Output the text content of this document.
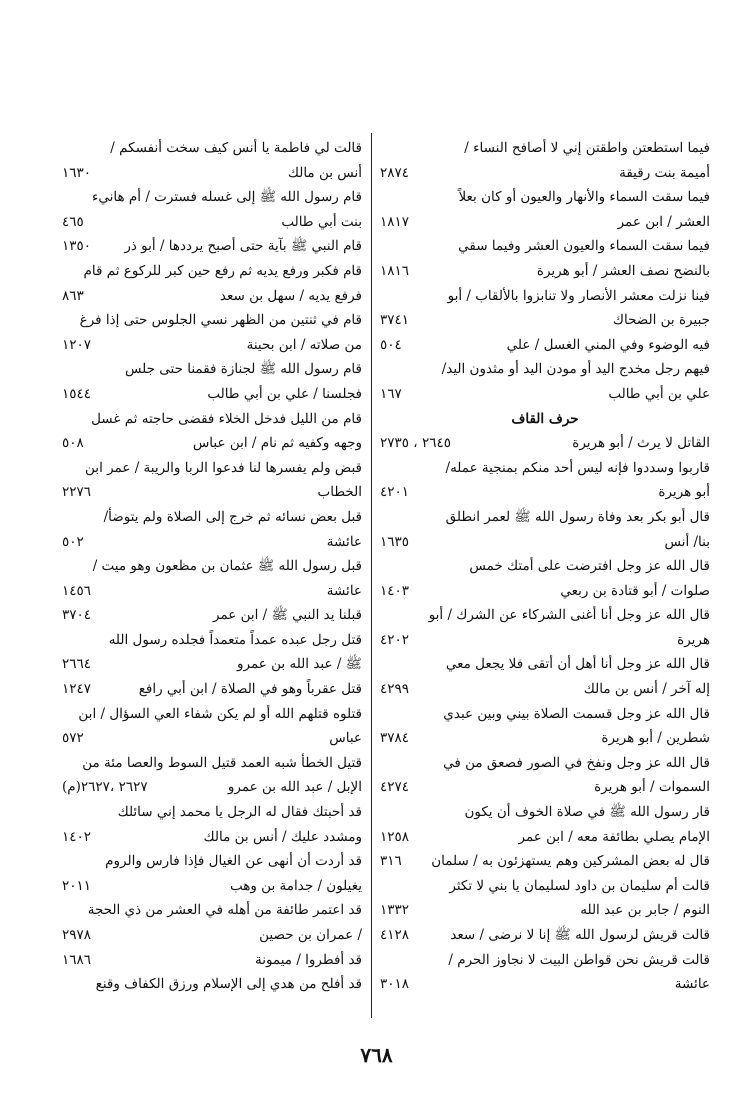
فيما استطعتن واطقتن إني لا أصافح النساء /
أميمة بنت رقيقة
٢٨٧٤
فيما سقت السماء والأنهار والعيون أو كان بعلاً
العشر / ابن عمر
١٨١٧
فيما سقت السماء والعيون العشر وفيما سقي
بالنضح نصف العشر / أبو هريرة
١٨١٦
فينا نزلت معشر الأنصار ولا تنابزوا بالألقاب / أبو
جبيرة بن الضحاك
٣٧٤١
فيه الوضوء وفي المني الغسل / علي
٥٠٤
فيهم رجل مخدج اليد أو مودن اليد أو مثدون اليد/
علي بن أبي طالب
١٦٧
حرف القاف
القاتل لا يرث / أبو هريرة
٢٦٤٥ ، ٢٧٣٥
قاربوا وسددوا فإنه ليس أحد منكم بمنجية عمله/
أبو هريرة
٤٢٠١
قال أبو بكر بعد وفاة رسول الله ﷺ لعمر انطلق
بنا/ أنس
١٦٣٥
قال الله عز وجل افترضت على أمتك خمس
صلوات / أبو قتادة بن ربعي
١٤٠٣
قال الله عز وجل أنا أغنى الشركاء عن الشرك / أبو
هريرة
٤٢٠٢
قال الله عز وجل أنا أهل أن أتقى فلا يجعل معي
إله آخر / أنس بن مالك
٤٢٩٩
قال الله عز وجل قسمت الصلاة بيني وبين عبدي
شطرين / أبو هريرة
٣٧٨٤
قال الله عز وجل ونفخ في الصور فصعق من في
السموات / أبو هريرة
٤٢٧٤
قار رسول الله ﷺ في صلاة الخوف أن يكون
الإمام يصلي بطائفة معه / ابن عمر
١٢٥٨
قال له بعض المشركين وهم يستهزئون به / سلمان
٣١٦
قالت أم سليمان بن داود لسليمان يا بني لا تكثر
النوم / جابر بن عبد الله
١٣٣٢
قالت قريش لرسول الله ﷺ إنا لا نرضى / سعد
٤١٢٨
قالت قريش نحن قواطن البيت لا نجاوز الحرم /
عائشة
٣٠١٨
قالت لي فاطمة يا أنس كيف سخت أنفسكم /
أنس بن مالك
١٦٣٠
قام رسول الله ﷺ إلى غسله فسترت / أم هانيء
بنت أبي طالب
٤٦٥
قام النبي ﷺ بآية حتى أصبح يرددها / أبو ذر
١٣٥٠
قام فكبر ورفع يديه ثم رفع حين كبر للركوع ثم قام
فرفع يديه / سهل بن سعد
٨٦٣
قام في ثنتين من الظهر نسي الجلوس حتى إذا فرغ
من صلاته / ابن بحينة
١٢٠٧
قام رسول الله ﷺ لجنازة فقمنا حتى جلس
فجلسنا / علي بن أبي طالب
١٥٤٤
قام من الليل فدخل الخلاء فقضى حاجته ثم غسل
وجهه وكفيه ثم نام / ابن عباس
٥٠٨
قبض ولم يفسرها لنا فدعوا الربا والريبة / عمر ابن
الخطاب
٢٢٧٦
قبل بعض نسائه ثم خرج إلى الصلاة ولم يتوضأ/
عائشة
٥٠٢
قبل رسول الله ﷺ عثمان بن مظعون وهو ميت /
عائشة
١٤٥٦
قبلنا يد النبي ﷺ / ابن عمر
٣٧٠٤
قتل رجل عبده عمداً متعمداً فجلده رسول الله
ﷺ / عبد الله بن عمرو
٢٦٦٤
قتل عقرباً وهو في الصلاة / ابن أبي رافع
١٢٤٧
قتلوه قتلهم الله أو لم يكن شفاء العي السؤال / ابن
عباس
٥٧٢
قتيل الخطأ شبه العمد قتيل السوط والعصا مئة من
الإبل / عبد الله بن عمرو
٢٦٢٧ ،٢٦٢٧(م)
قد أحبتك فقال له الرجل يا محمد إني سائلك
ومشدد عليك / أنس بن مالك
١٤٠٢
قد أردت أن أنهى عن الغيال فإذا فارس والروم
يغيلون / جدامة بن وهب
٢٠١١
قد اعتمر طائفة من أهله في العشر من ذي الحجة
/ عمران بن حصين
٢٩٧٨
قد أفطروا / ميمونة
١٦٨٦
قد أفلح من هدي إلى الإسلام ورزق الكفاف وقنع
٧٦٨
